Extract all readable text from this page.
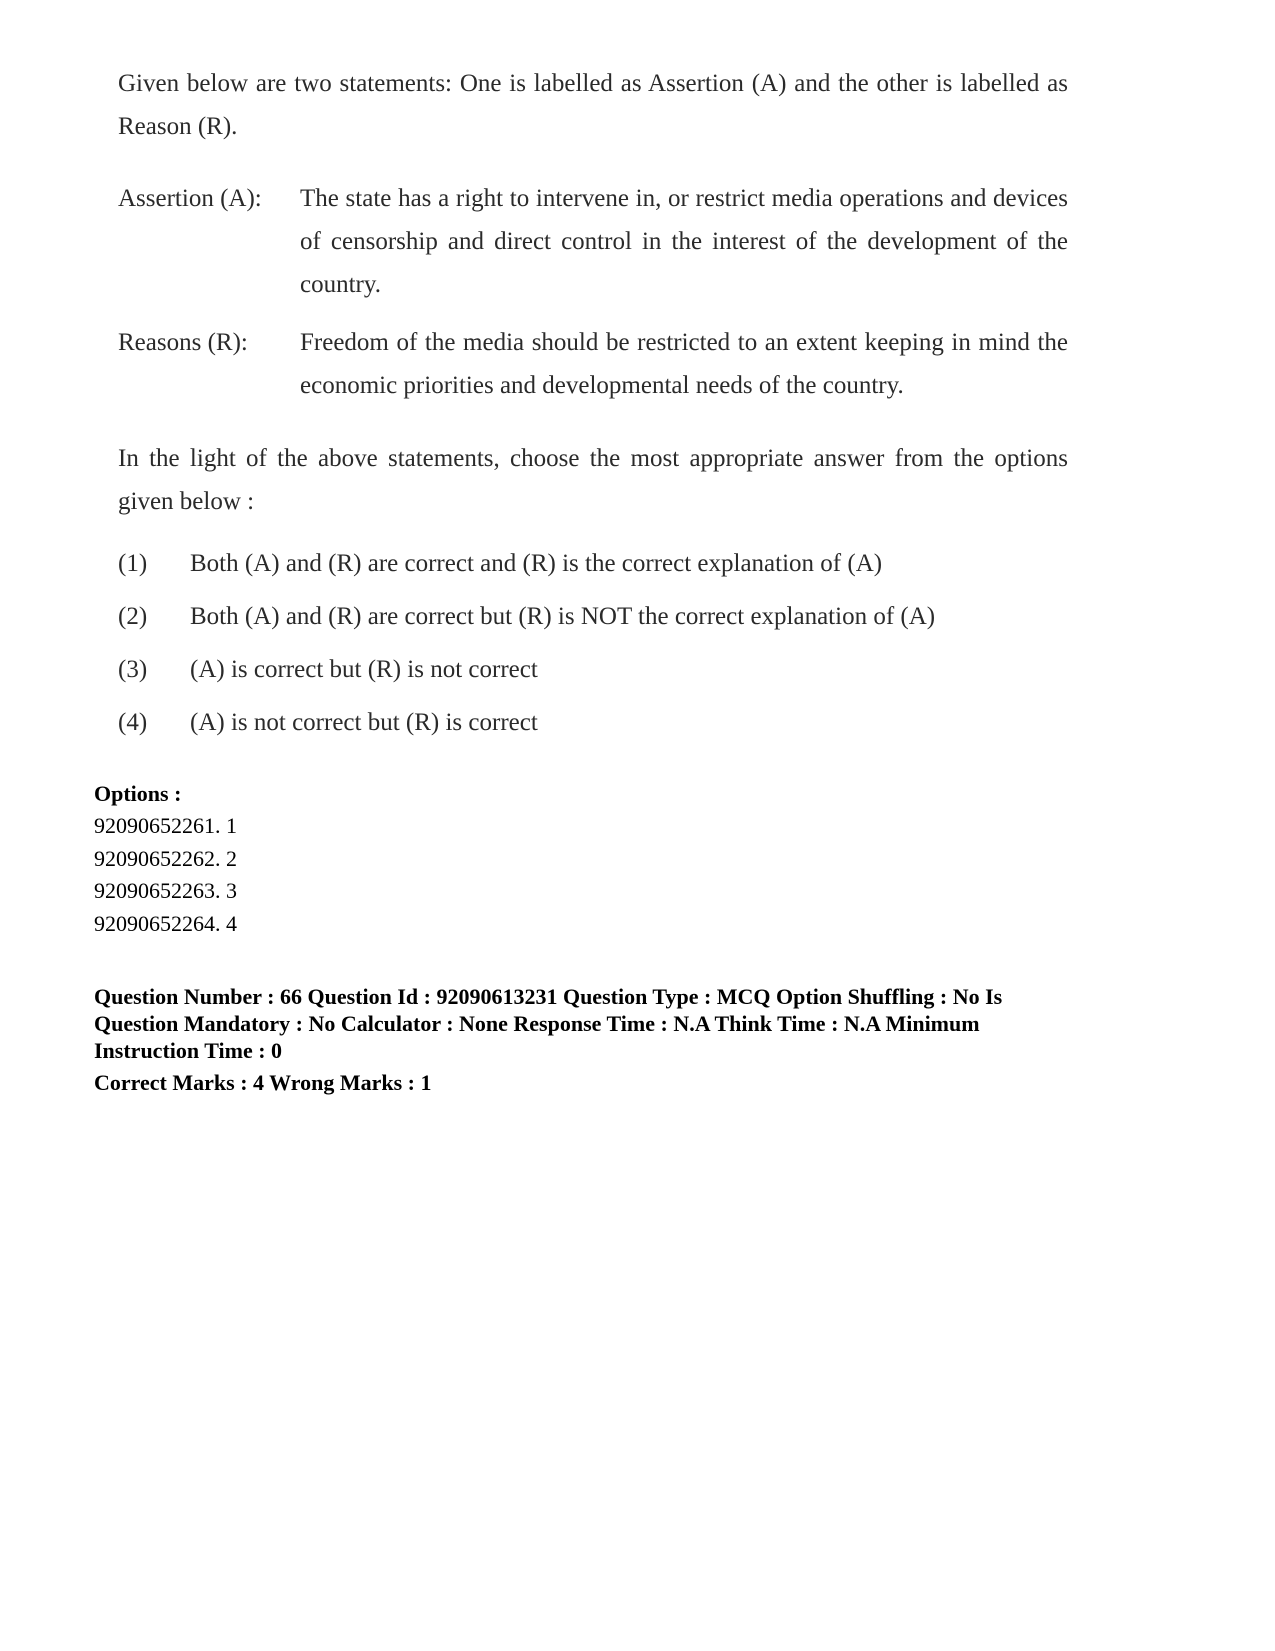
Given below are two statements: One is labelled as Assertion (A) and the other is labelled as Reason (R).

Assertion (A):	The state has a right to intervene in, or restrict media operations and devices of censorship and direct control in the interest of the development of the country.
Reasons (R):	Freedom of the media should be restricted to an extent keeping in mind the economic priorities and developmental needs of the country.

In the light of the above statements, choose the most appropriate answer from the options given below :

(1)	Both (A) and (R) are correct and (R) is the correct explanation of (A)
(2)	Both (A) and (R) are correct but (R) is NOT the correct explanation of (A)
(3)	(A) is correct but (R) is not correct
(4)	(A) is not correct but (R) is correct
Options :
92090652261. 1
92090652262. 2
92090652263. 3
92090652264. 4
Question Number : 66 Question Id : 92090613231 Question Type : MCQ Option Shuffling : No Is
Question Mandatory : No Calculator : None Response Time : N.A Think Time : N.A Minimum
Instruction Time : 0
Correct Marks : 4 Wrong Marks : 1
